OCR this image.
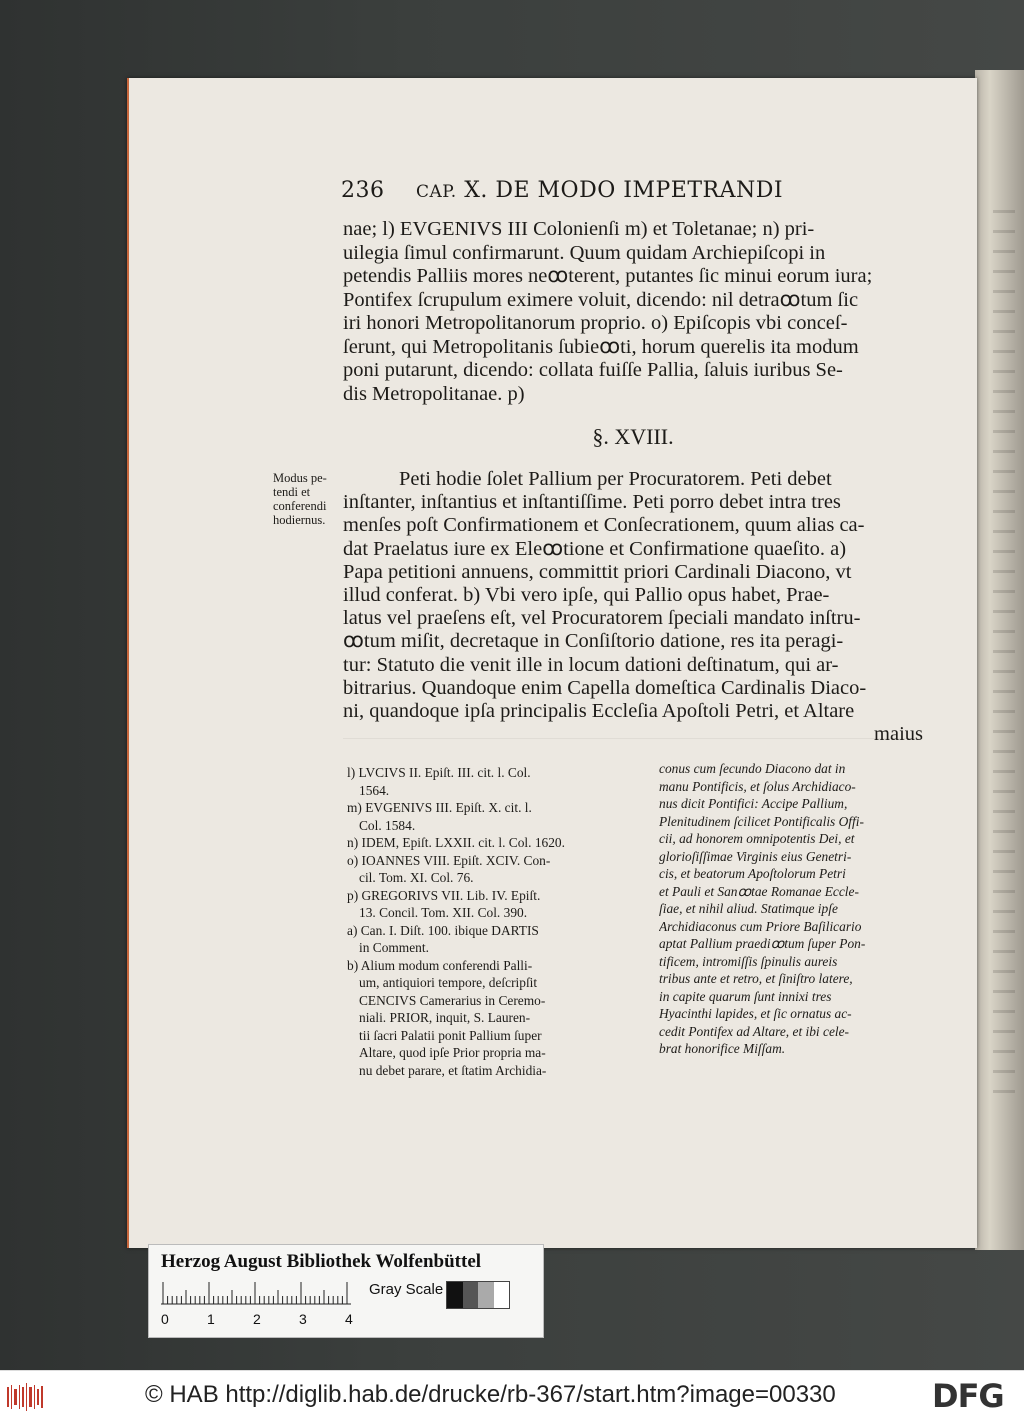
236 CAP. X. DE MODO IMPETRANDI
nae; l) EVGENIVS III Colonienſi m) et Toletanae; n) pri-
uilegia ſimul confirmarunt. Quum quidam Archiepiſcopi in
petendis Palliis mores neꝏterent, putantes ſic minui eorum iura;
Pontifex ſcrupulum eximere voluit, dicendo: nil detraꝏtum ſic
iri honori Metropolitanorum proprio. o) Epiſcopis vbi conceſ-
ſerunt, qui Metropolitanis ſubieꝏti, horum querelis ita modum
poni putarunt, dicendo: collata fuiſſe Pallia, ſaluis iuribus Se-
dis Metropolitanae. p)
§. XVIII.
Modus pe-
tendi et
conferendi
hodiernus.
Peti hodie ſolet Pallium per Procuratorem. Peti debet
inſtanter, inſtantius et inſtantiſſime. Peti porro debet intra tres
menſes poſt Confirmationem et Conſecrationem, quum alias ca-
dat Praelatus iure ex Eleꝏtione et Confirmatione quaeſito. a)
Papa petitioni annuens, committit priori Cardinali Diacono, vt
illud conferat. b) Vbi vero ipſe, qui Pallio opus habet, Prae-
latus vel praeſens eſt, vel Procuratorem ſpeciali mandato inſtru-
ꝏtum miſit, decretaque in Conſiſtorio datione, res ita peragi-
tur: Statuto die venit ille in locum dationi deſtinatum, qui ar-
bitrarius. Quandoque enim Capella domeſtica Cardinalis Diaco-
ni, quandoque ipſa principalis Eccleſia Apoſtoli Petri, et Altare
maius
l) LVCIVS II. Epiſt. III. cit. l. Col.
1564.
m) EVGENIVS III. Epiſt. X. cit. l.
Col. 1584.
n) IDEM, Epiſt. LXXII. cit. l. Col. 1620.
o) IOANNES VIII. Epiſt. XCIV. Con-
cil. Tom. XI. Col. 76.
p) GREGORIVS VII. Lib. IV. Epiſt.
13. Concil. Tom. XII. Col. 390.
a) Can. I. Diſt. 100. ibique DARTIS
in Comment.
b) Alium modum conferendi Palli-
um, antiquiori tempore, deſcripſit
CENCIVS Camerarius in Ceremo-
niali. PRIOR, inquit, S. Lauren-
tii ſacri Palatii ponit Pallium ſuper
Altare, quod ipſe Prior propria ma-
nu debet parare, et ſtatim Archidia-
conus cum ſecundo Diacono dat in
manu Pontificis, et ſolus Archidiaco-
nus dicit Pontifici: Accipe Pallium,
Plenitudinem ſcilicet Pontificalis Offi-
cii, ad honorem omnipotentis Dei, et
glorioſiſſimae Virginis eius Genetri-
cis, et beatorum Apoſtolorum Petri
et Pauli et Sanꝏtae Romanae Eccle-
ſiae, et nihil aliud. Statimque ipſe
Archidiaconus cum Priore Baſilicario
aptat Pallium praediꝏtum ſuper Pon-
tificem, intromiſſis ſpinulis aureis
tribus ante et retro, et ſiniſtro latere,
in capite quarum ſunt innixi tres
Hyacinthi lapides, et ſic ornatus ac-
cedit Pontifex ad Altare, et ibi cele-
brat honorifice Miſſam.
Herzog August Bibliothek Wolfenbüttel
0	1	2	3	4
Gray Scale
© HAB http://diglib.hab.de/drucke/rb-367/start.htm?image=00330	DFG
